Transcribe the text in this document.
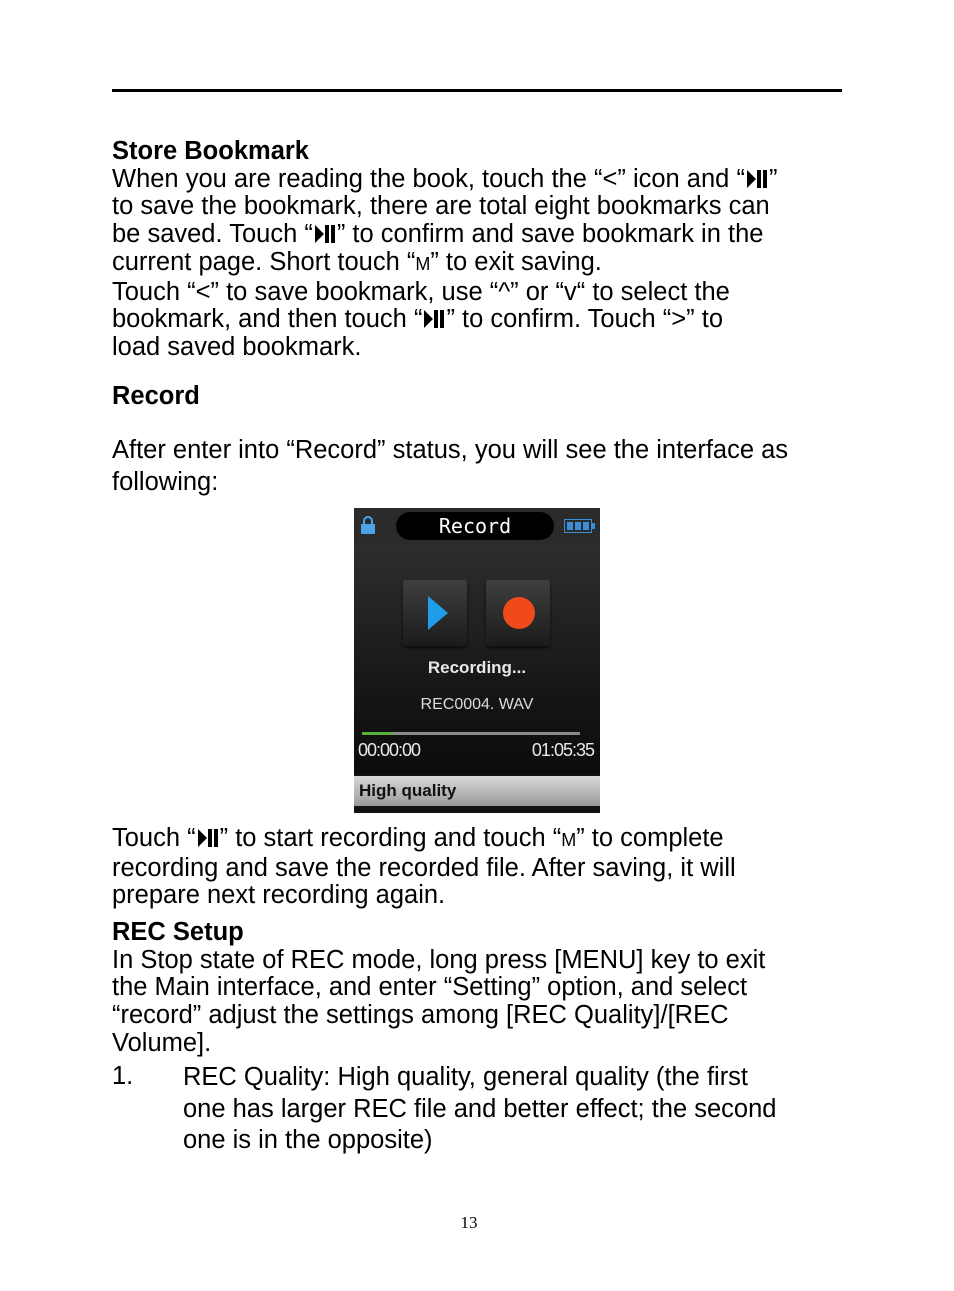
Store Bookmark
When you are reading the book, touch the “<” icon and “ ”
to save the bookmark, there are total eight bookmarks can
be saved. Touch “ ” to confirm and save bookmark in the
current page. Short touch “M” to exit saving.
Touch “<” to save bookmark, use “^” or “v“ to select the
bookmark, and then touch “ ” to confirm. Touch “>” to
load saved bookmark.
Record
After enter into “Record” status, you will see the interface as
following:
Record
Recording...
REC0004. WAV
00:00:00	01:05:35
High quality
Touch “ ” to start recording and touch “M” to complete
recording and save the recorded file. After saving, it will
prepare next recording again.
REC Setup
In Stop state of REC mode, long press [MENU] key to exit
the Main interface, and enter “Setting” option, and select
“record” adjust the settings among [REC Quality]/[REC
Volume].
1. REC Quality: High quality, general quality (the first
one has larger REC file and better effect; the second
one is in the opposite)
13
